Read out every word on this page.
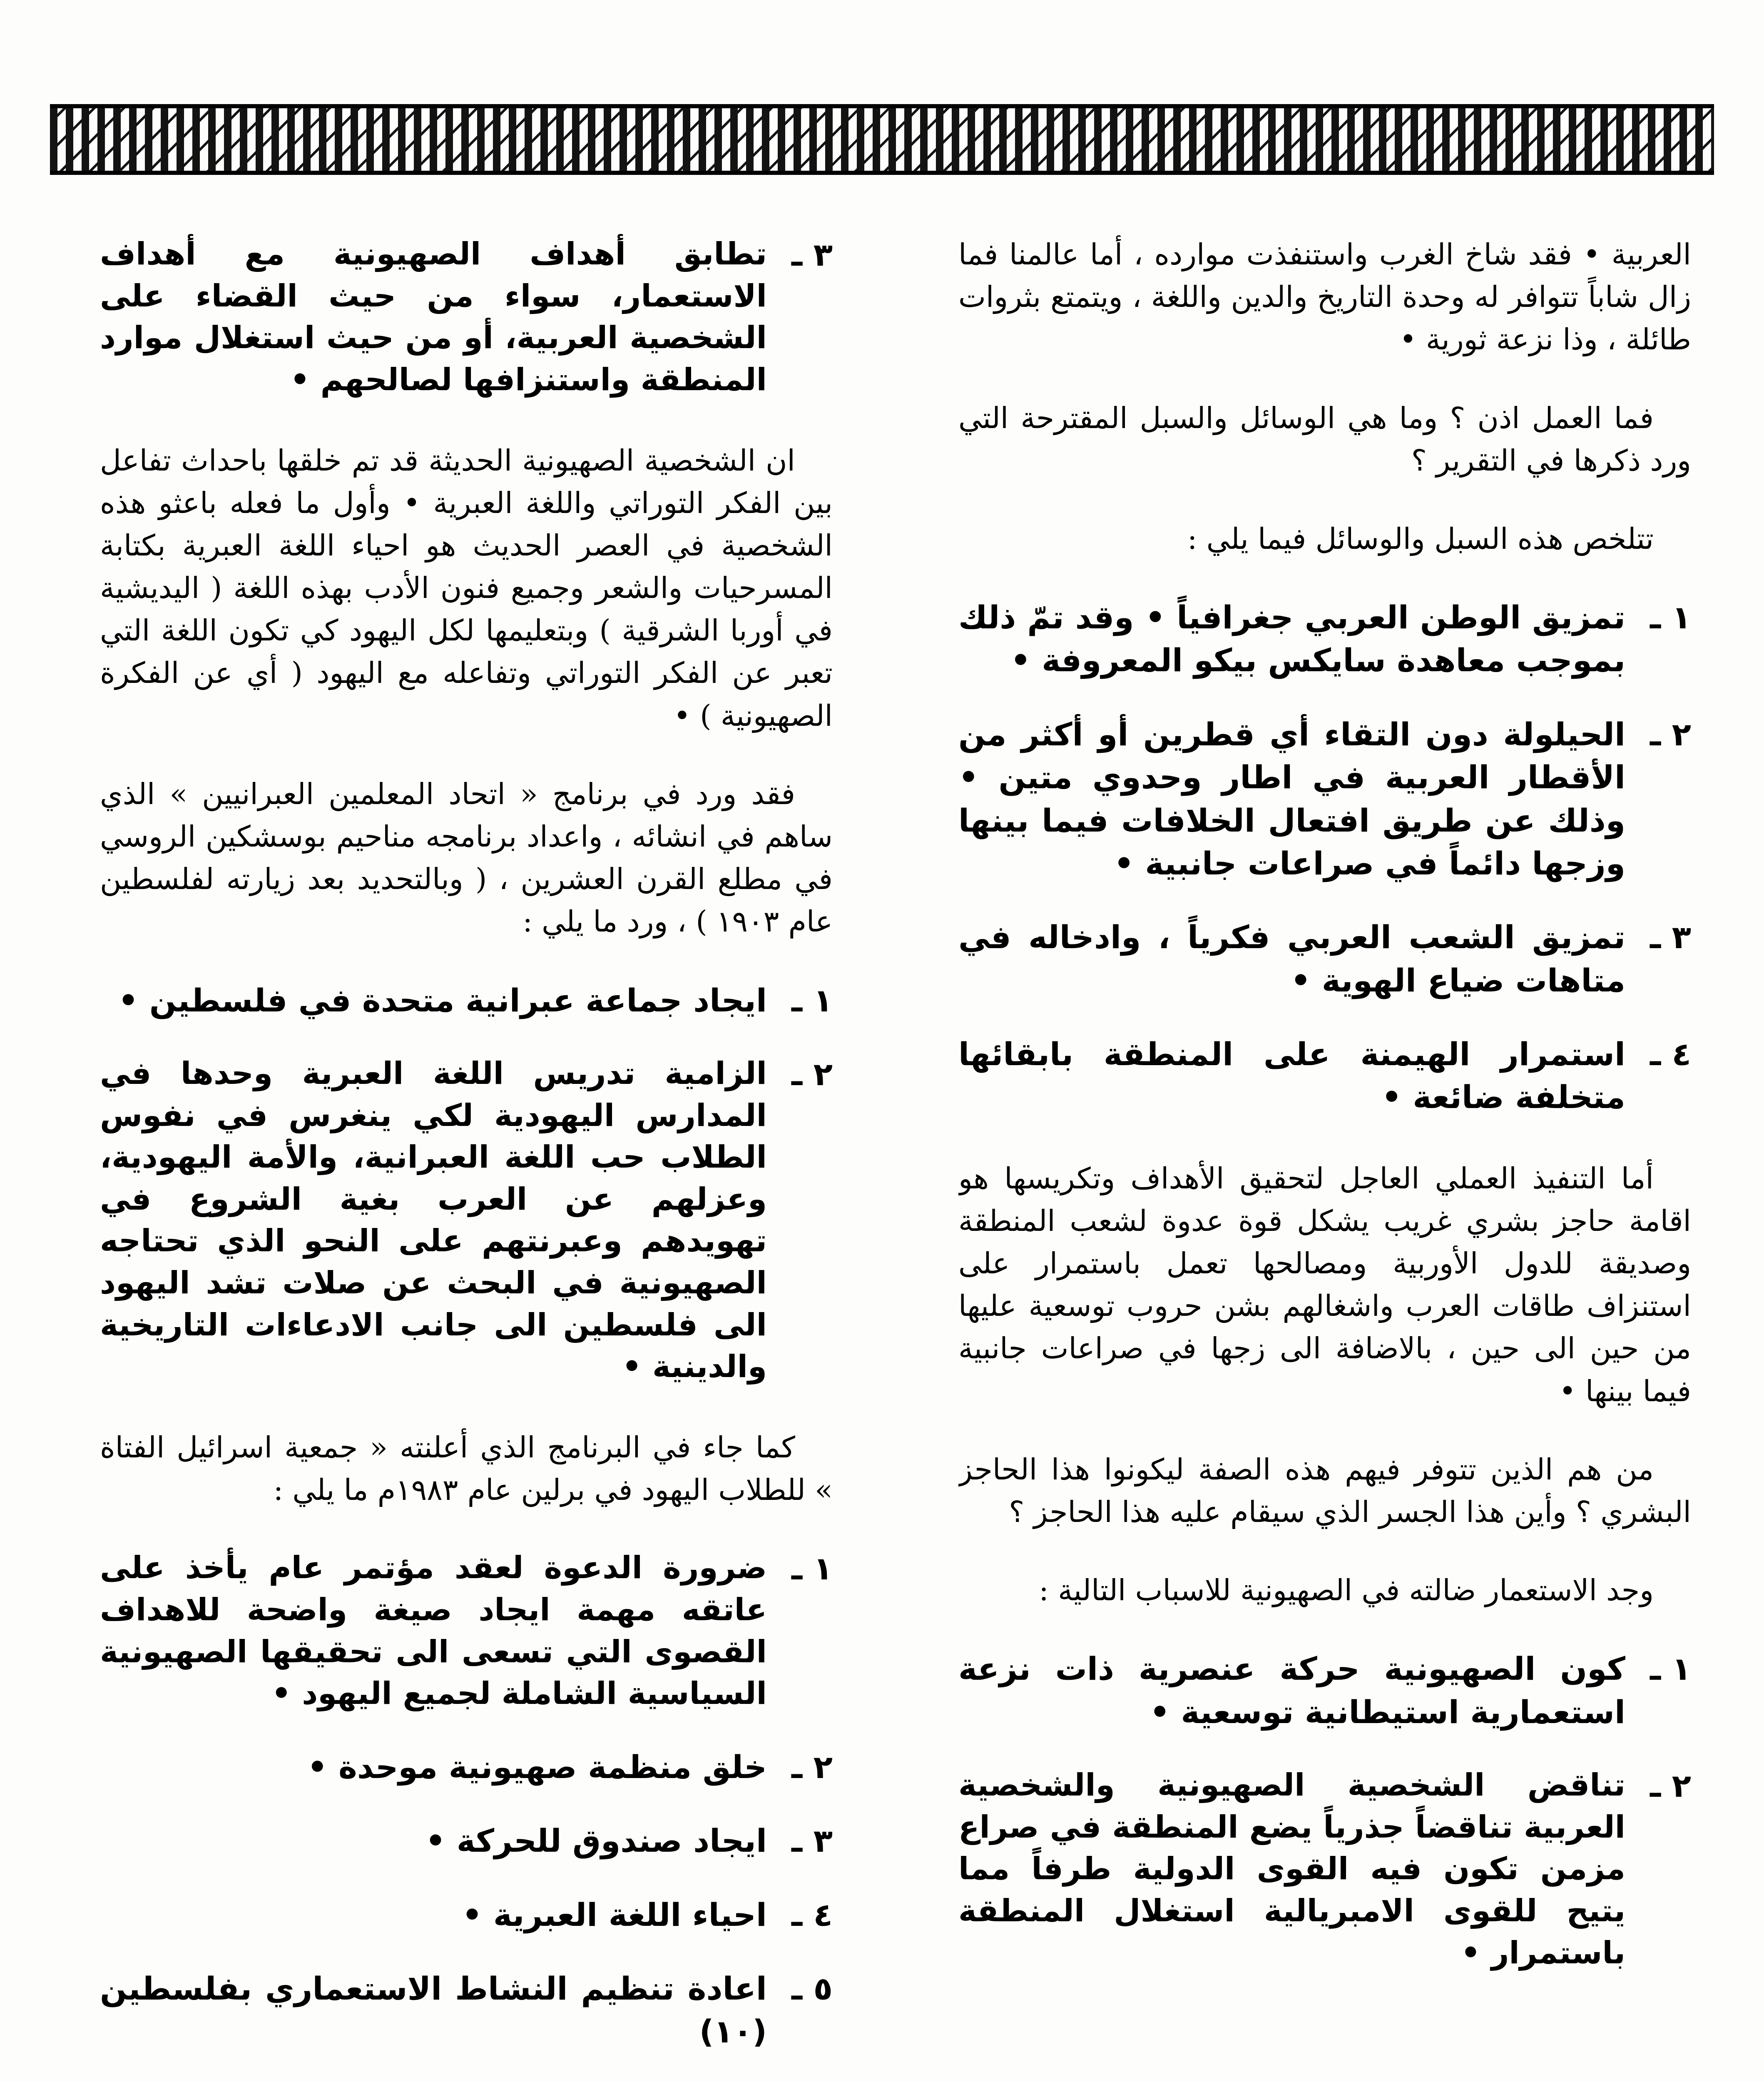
العربية • فقد شاخ الغرب واستنفذت موارده ، أما عالمنا فما زال شاباً تتوافر له وحدة التاريخ والدين واللغة ، ويتمتع بثروات طائلة ، وذا نزعة ثورية •

فما العمل اذن ؟ وما هي الوسائل والسبل المقترحة التي ورد ذكرها في التقرير ؟

تتلخص هذه السبل والوسائل فيما يلي :

١ ـ
تمزيق الوطن العربي جغرافياً • وقد تمّ ذلك بموجب معاهدة سايكس بيكو المعروفة •
٢ ـ
الحيلولة دون التقاء أي قطرين أو أكثر من الأقطار العربية في اطار وحدوي متين • وذلك عن طريق افتعال الخلافات فيما بينها وزجها دائماً في صراعات جانبية •
٣ ـ
تمزيق الشعب العربي فكرياً ، وادخاله في متاهات ضياع الهوية •
٤ ـ
استمرار الهيمنة على المنطقة بابقائها متخلفة ضائعة •

أما التنفيذ العملي العاجل لتحقيق الأهداف وتكريسها هو اقامة حاجز بشري غريب يشكل قوة عدوة لشعب المنطقة وصديقة للدول الأوربية ومصالحها تعمل باستمرار على استنزاف طاقات العرب واشغالهم بشن حروب توسعية عليها من حين الى حين ، بالاضافة الى زجها في صراعات جانبية فيما بينها •

من هم الذين تتوفر فيهم هذه الصفة ليكونوا هذا الحاجز البشري ؟ وأين هذا الجسر الذي سيقام عليه هذا الحاجز ؟

وجد الاستعمار ضالته في الصهيونية للاسباب التالية :

١ ـ
كون الصهيونية حركة عنصرية ذات نزعة استعمارية استيطانية توسعية •
٢ ـ
تناقض الشخصية الصهيونية والشخصية العربية تناقضاً جذرياً يضع المنطقة في صراع مزمن تكون فيه القوى الدولية طرفاً مما يتيح للقوى الامبريالية استغلال المنطقة باستمرار •
٣ ـ
تطابق أهداف الصهيونية مع أهداف الاستعمار، سواء من حيث القضاء على الشخصية العربية، أو من حيث استغلال موارد المنطقة واستنزافها لصالحهم •

ان الشخصية الصهيونية الحديثة قد تم خلقها باحداث تفاعل بين الفكر التوراتي واللغة العبرية • وأول ما فعله باعثو هذه الشخصية في العصر الحديث هو احياء اللغة العبرية بكتابة المسرحيات والشعر وجميع فنون الأدب بهذه اللغة ( اليديشية في أوربا الشرقية ) وبتعليمها لكل اليهود كي تكون اللغة التي تعبر عن الفكر التوراتي وتفاعله مع اليهود ( أي عن الفكرة الصهيونية ) •

فقد ورد في برنامج « اتحاد المعلمين العبرانيين » الذي ساهم في انشائه ، واعداد برنامجه مناحيم بوسشكين الروسي في مطلع القرن العشرين ، ( وبالتحديد بعد زيارته لفلسطين عام ١٩٠٣ ) ، ورد ما يلي :

١ ـ
ايجاد جماعة عبرانية متحدة في فلسطين •
٢ ـ
الزامية تدريس اللغة العبرية وحدها في المدارس اليهودية لكي ينغرس في نفوس الطلاب حب اللغة العبرانية، والأمة اليهودية، وعزلهم عن العرب بغية الشروع في تهويدهم وعبرنتهم على النحو الذي تحتاجه الصهيونية في البحث عن صلات تشد اليهود الى فلسطين الى جانب الادعاءات التاريخية والدينية •

كما جاء في البرنامج الذي أعلنته « جمعية اسرائيل الفتاة » للطلاب اليهود في برلين عام ١٩٨٣م ما يلي :

١ ـ
ضرورة الدعوة لعقد مؤتمر عام يأخذ على عاتقه مهمة ايجاد صيغة واضحة للاهداف القصوى التي تسعى الى تحقيقها الصهيونية السياسية الشاملة لجميع اليهود •
٢ ـ
خلق منظمة صهيونية موحدة •
٣ ـ
ايجاد صندوق للحركة •
٤ ـ
احياء اللغة العبرية •
٥ ـ
اعادة تنظيم النشاط الاستعماري بفلسطين (١٠)
